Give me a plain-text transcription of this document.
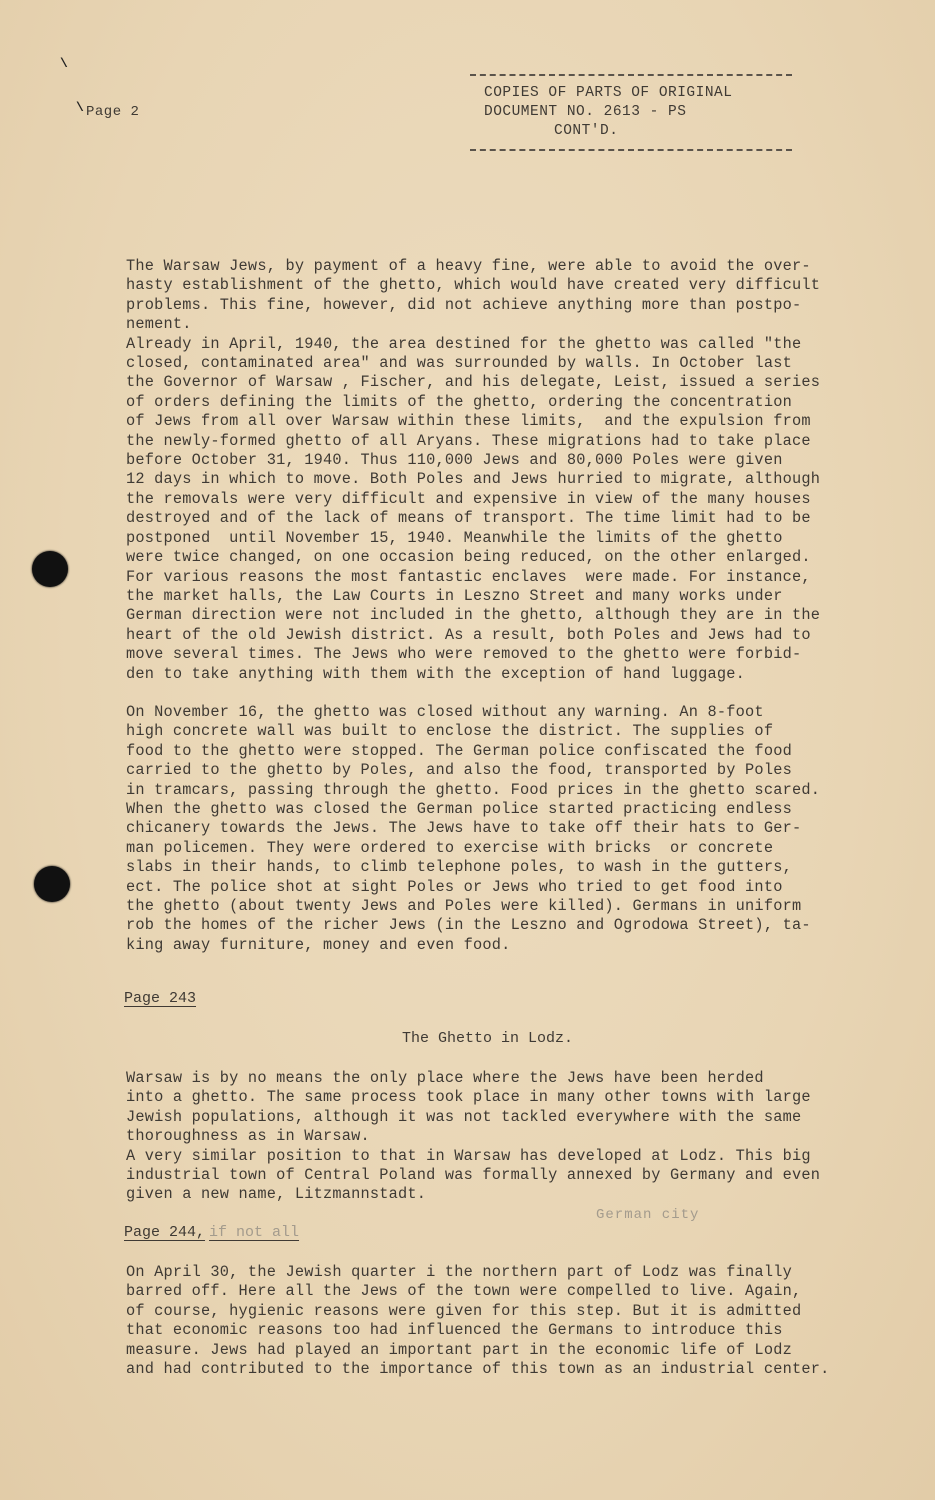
\
\ Page 2
COPIES OF PARTS OF ORIGINAL
DOCUMENT NO. 2613 - PS
CONT'D.
The Warsaw Jews, by payment of a heavy fine, were able to avoid the over-
hasty establishment of the ghetto, which would have created very difficult
problems. This fine, however, did not achieve anything more than postpo-
nement.
Already in April, 1940, the area destined for the ghetto was called "the
closed, contaminated area" and was surrounded by walls. In October last
the Governor of Warsaw , Fischer, and his delegate, Leist, issued a series
of orders defining the limits of the ghetto, ordering the concentration
of Jews from all over Warsaw within these limits,  and the expulsion from
the newly-formed ghetto of all Aryans. These migrations had to take place
before October 31, 1940. Thus 110,000 Jews and 80,000 Poles were given
12 days in which to move. Both Poles and Jews hurried to migrate, although
the removals were very difficult and expensive in view of the many houses
destroyed and of the lack of means of transport. The time limit had to be
postponed  until November 15, 1940. Meanwhile the limits of the ghetto
were twice changed, on one occasion being reduced, on the other enlarged.
For various reasons the most fantastic enclaves  were made. For instance,
the market halls, the Law Courts in Leszno Street and many works under
German direction were not included in the ghetto, although they are in the
heart of the old Jewish district. As a result, both Poles and Jews had to
move several times. The Jews who were removed to the ghetto were forbid-
den to take anything with them with the exception of hand luggage.
On November 16, the ghetto was closed without any warning. An 8-foot
high concrete wall was built to enclose the district. The supplies of
food to the ghetto were stopped. The German police confiscated the food
carried to the ghetto by Poles, and also the food, transported by Poles
in tramcars, passing through the ghetto. Food prices in the ghetto scared.
When the ghetto was closed the German police started practicing endless
chicanery towards the Jews. The Jews have to take off their hats to Ger-
man policemen. They were ordered to exercise with bricks  or concrete
slabs in their hands, to climb telephone poles, to wash in the gutters,
ect. The police shot at sight Poles or Jews who tried to get food into
the ghetto (about twenty Jews and Poles were killed). Germans in uniform
rob the homes of the richer Jews (in the Leszno and Ogrodowa Street), ta-
king away furniture, money and even food.
Page 243
The Ghetto in Lodz.
Warsaw is by no means the only place where the Jews have been herded
into a ghetto. The same process took place in many other towns with large
Jewish populations, although it was not tackled everywhere with the same
thoroughness as in Warsaw.
A very similar position to that in Warsaw has developed at Lodz. This big
industrial town of Central Poland was formally annexed by Germany and even
given a new name, Litzmannstadt.
German city
Page 244, if not all
On April 30, the Jewish quarter i the northern part of Lodz was finally
barred off. Here all the Jews of the town were compelled to live. Again,
of course, hygienic reasons were given for this step. But it is admitted
that economic reasons too had influenced the Germans to introduce this
measure. Jews had played an important part in the economic life of Lodz
and had contributed to the importance of this town as an industrial center.
